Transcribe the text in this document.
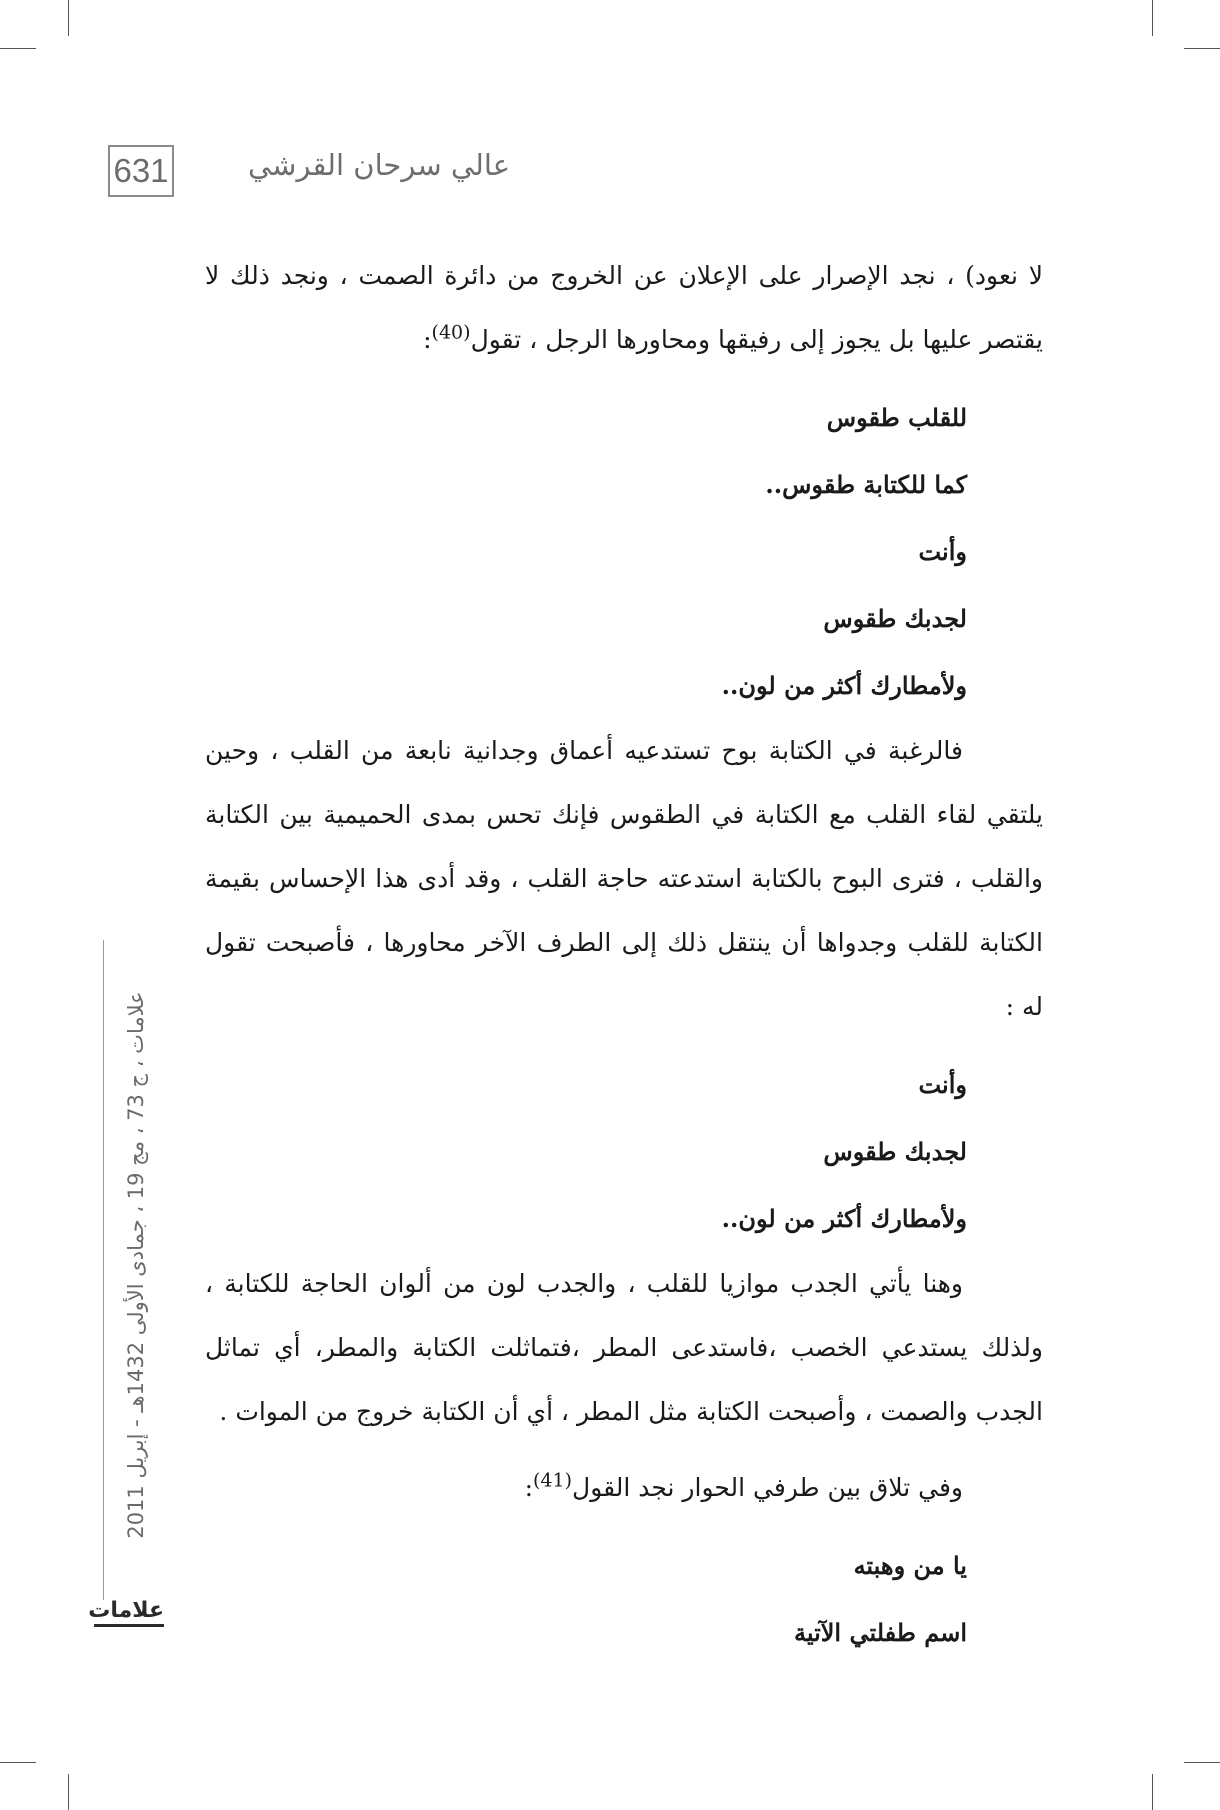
631	عالي سرحان القرشي
علامات ، ج 73 ، مج 19 ، جمادى الأولى 1432هـ - إبريل 2011
علامات

لا نعود) ، نجد الإصرار على الإعلان عن الخروج من دائرة الصمت ، ونجد ذلك لا يقتصر عليها بل يجوز إلى رفيقها ومحاورها الرجل ، تقول$^{(40)}$:

للقلب طقوس

كما للكتابة طقوس..

وأنت

لجدبك طقوس

ولأمطارك أكثر من لون..

فالرغبة في الكتابة بوح تستدعيه أعماق وجدانية نابعة من القلب ، وحين يلتقي لقاء القلب مع الكتابة في الطقوس فإنك تحس بمدى الحميمية بين الكتابة والقلب ، فترى البوح بالكتابة استدعته حاجة القلب ، وقد أدى هذا الإحساس بقيمة الكتابة للقلب وجدواها أن ينتقل ذلك إلى الطرف الآخر محاورها ، فأصبحت تقول له :

وأنت

لجدبك طقوس

ولأمطارك أكثر من لون..

وهنا يأتي الجدب موازيا للقلب ، والجدب لون من ألوان الحاجة للكتابة ، ولذلك يستدعي الخصب ،فاستدعى المطر ،فتماثلت الكتابة والمطر، أي تماثل الجدب والصمت ، وأصبحت الكتابة مثل المطر ، أي أن الكتابة خروج من الموات .

وفي تلاق بين طرفي الحوار نجد القول$^{(41)}$:

يا من وهبته

اسم طفلتي الآتية
